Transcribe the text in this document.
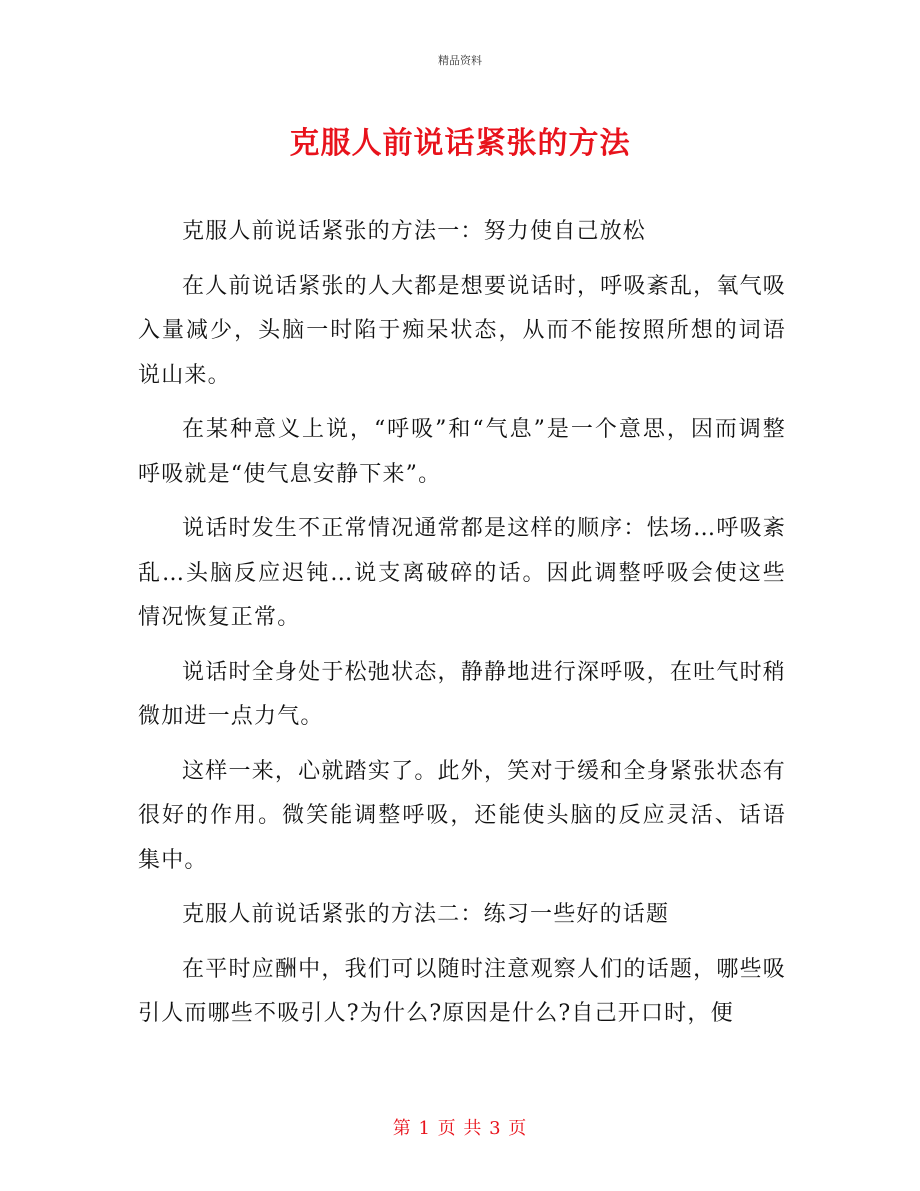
精品资料
克服人前说话紧张的方法

克服人前说话紧张的方法一：努力使自己放松

在人前说话紧张的人大都是想要说话时，呼吸紊乱，氧气吸入量减少，头脑一时陷于痴呆状态，从而不能按照所想的词语说山来。

在某种意义上说，“呼吸”和“气息”是一个意思，因而调整呼吸就是“使气息安静下来”。

说话时发生不正常情况通常都是这样的顺序：怯场…呼吸紊乱…头脑反应迟钝…说支离破碎的话。因此调整呼吸会使这些情况恢复正常。

说话时全身处于松弛状态，静静地进行深呼吸，在吐气时稍微加进一点力气。

这样一来，心就踏实了。此外，笑对于缓和全身紧张状态有很好的作用。微笑能调整呼吸，还能使头脑的反应灵活、话语集中。

克服人前说话紧张的方法二：练习一些好的话题

在平时应酬中，我们可以随时注意观察人们的话题，哪些吸引人而哪些不吸引人?为什么?原因是什么?自己开口时，便

第 1 页 共 3 页
